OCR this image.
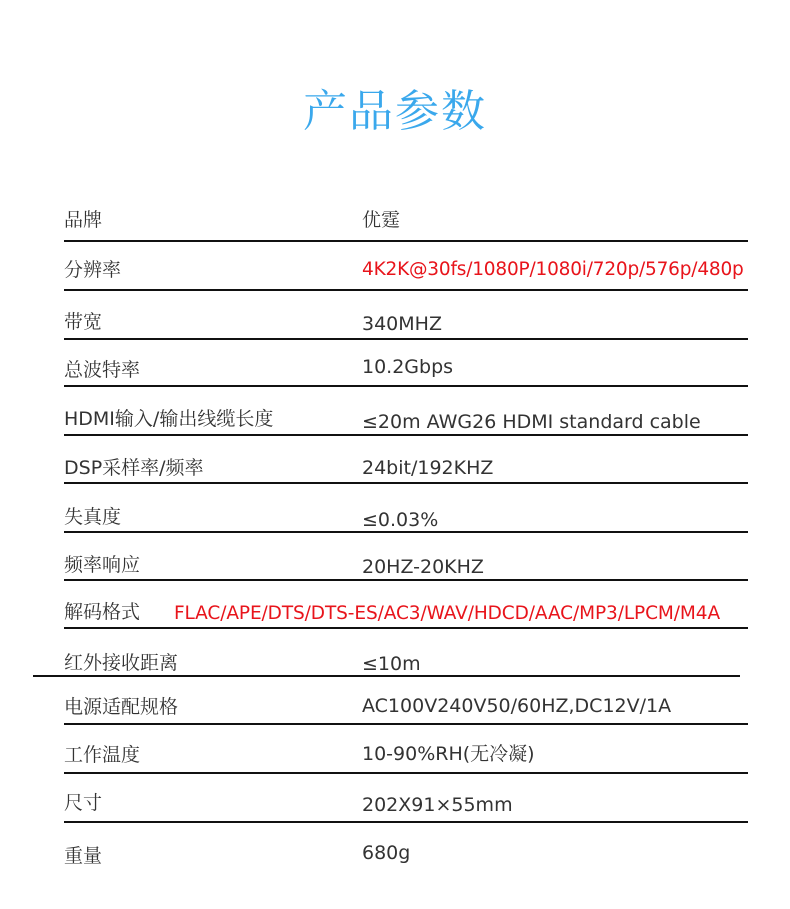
产品参数
品牌	优霆
分辨率	4K2K@30fs/1080P/1080i/720p/576p/480p
带宽	340MHZ
总波特率	10.2Gbps
HDMI输入/输出线缆长度	≤20m AWG26 HDMI standard cable
DSP采样率/频率	24bit/192KHZ
失真度	≤0.03%
频率响应	20HZ-20KHZ
解码格式 FLAC/APE/DTS/DTS-ES/AC3/WAV/HDCD/AAC/MP3/LPCM/M4A
红外接收距离	≤10m
电源适配规格	AC100V240V50/60HZ,DC12V/1A
工作温度	10-90%RH(无冷凝)
尺寸	202X91×55mm
重量	680g
